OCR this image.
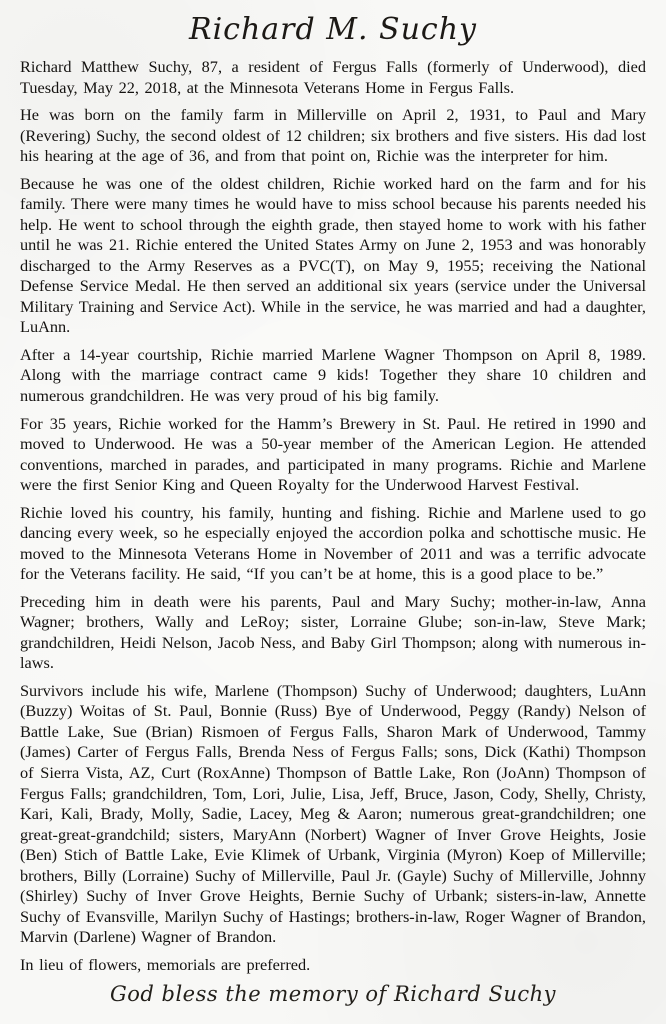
Richard M. Suchy

Richard Matthew Suchy, 87, a resident of Fergus Falls (formerly of Underwood), died Tuesday, May 22, 2018, at the Minnesota Veterans Home in Fergus Falls.

He was born on the family farm in Millerville on April 2, 1931, to Paul and Mary (Revering) Suchy, the second oldest of 12 children; six brothers and five sisters. His dad lost his hearing at the age of 36, and from that point on, Richie was the interpreter for him.

Because he was one of the oldest children, Richie worked hard on the farm and for his family. There were many times he would have to miss school because his parents needed his help. He went to school through the eighth grade, then stayed home to work with his father until he was 21. Richie entered the United States Army on June 2, 1953 and was honorably discharged to the Army Reserves as a PVC(T), on May 9, 1955; receiving the National Defense Service Medal. He then served an additional six years (service under the Universal Military Training and Service Act). While in the service, he was married and had a daughter, LuAnn.

After a 14-year courtship, Richie married Marlene Wagner Thompson on April 8, 1989. Along with the marriage contract came 9 kids! Together they share 10 children and numerous grandchildren. He was very proud of his big family.

For 35 years, Richie worked for the Hamm’s Brewery in St. Paul. He retired in 1990 and moved to Underwood. He was a 50-year member of the American Legion. He attended conventions, marched in parades, and participated in many programs. Richie and Marlene were the first Senior King and Queen Royalty for the Underwood Harvest Festival.

Richie loved his country, his family, hunting and fishing. Richie and Marlene used to go dancing every week, so he especially enjoyed the accordion polka and schottische music. He moved to the Minnesota Veterans Home in November of 2011 and was a terrific advocate for the Veterans facility. He said, “If you can’t be at home, this is a good place to be.”

Preceding him in death were his parents, Paul and Mary Suchy; mother-in-law, Anna Wagner; brothers, Wally and LeRoy; sister, Lorraine Glube; son-in-law, Steve Mark; grandchildren, Heidi Nelson, Jacob Ness, and Baby Girl Thompson; along with numerous in-laws.

Survivors include his wife, Marlene (Thompson) Suchy of Underwood; daughters, LuAnn (Buzzy) Woitas of St. Paul, Bonnie (Russ) Bye of Underwood, Peggy (Randy) Nelson of Battle Lake, Sue (Brian) Rismoen of Fergus Falls, Sharon Mark of Underwood, Tammy (James) Carter of Fergus Falls, Brenda Ness of Fergus Falls; sons, Dick (Kathi) Thompson of Sierra Vista, AZ, Curt (RoxAnne) Thompson of Battle Lake, Ron (JoAnn) Thompson of Fergus Falls; grandchildren, Tom, Lori, Julie, Lisa, Jeff, Bruce, Jason, Cody, Shelly, Christy, Kari, Kali, Brady, Molly, Sadie, Lacey, Meg & Aaron; numerous great-grandchildren; one great-great-grandchild; sisters, MaryAnn (Norbert) Wagner of Inver Grove Heights, Josie (Ben) Stich of Battle Lake, Evie Klimek of Urbank, Virginia (Myron) Koep of Millerville; brothers, Billy (Lorraine) Suchy of Millerville, Paul Jr. (Gayle) Suchy of Millerville, Johnny (Shirley) Suchy of Inver Grove Heights, Bernie Suchy of Urbank; sisters-in-law, Annette Suchy of Evansville, Marilyn Suchy of Hastings; brothers-in-law, Roger Wagner of Brandon, Marvin (Darlene) Wagner of Brandon.

In lieu of flowers, memorials are preferred.

God bless the memory of Richard Suchy
